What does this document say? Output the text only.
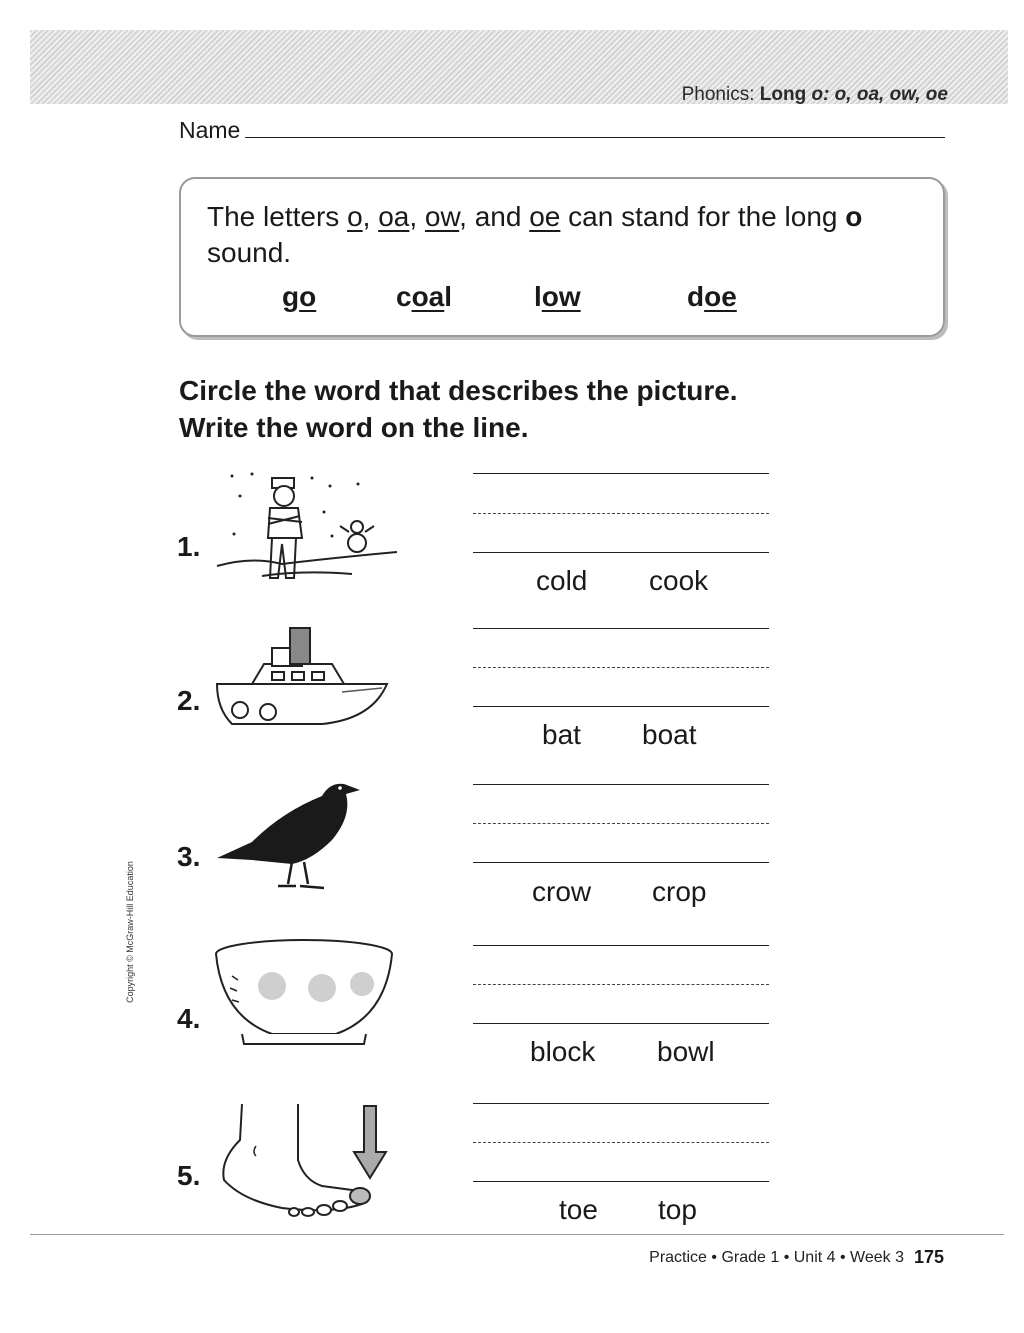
Phonics: Long o: o, oa, ow, oe
Name
The letters o, oa, ow, and oe can stand for the long o sound.
go	coal	low	doe
Circle the word that describes the picture.
Write the word on the line.
1.
cold cook
2.
bat boat
3.
crow crop
4.
block bowl
5.
toe top
Copyright © McGraw-Hill Education
Practice • Grade 1 • Unit 4 • Week 3 175
